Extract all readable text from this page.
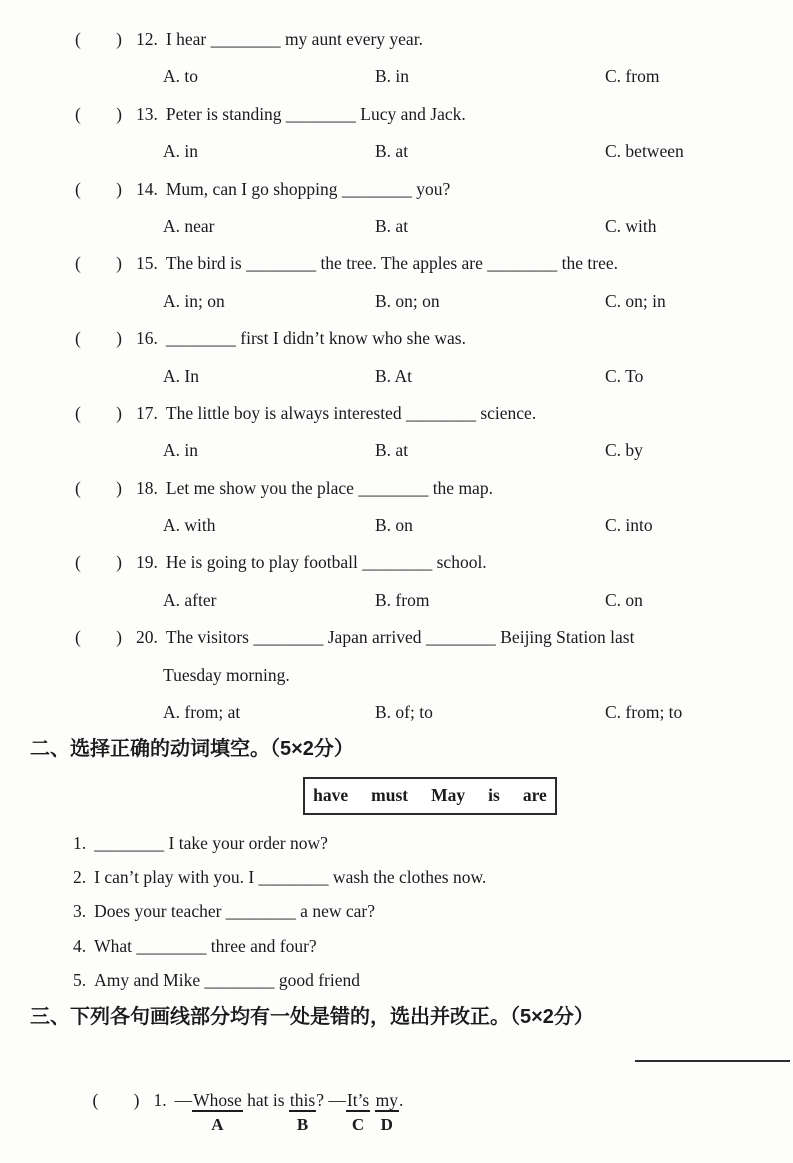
( ) 12. I hear ________ my aunt every year.
A. to	B. in	C. from
( ) 13. Peter is standing ________ Lucy and Jack.
A. in	B. at	C. between
( ) 14. Mum, can I go shopping ________ you?
A. near	B. at	C. with
( ) 15. The bird is ________ the tree. The apples are ________ the tree.
A. in; on	B. on; on	C. on; in
( ) 16. ________ first I didn’t know who she was.
A. In	B. At	C. To
( ) 17. The little boy is always interested ________ science.
A. in	B. at	C. by
( ) 18. Let me show you the place ________ the map.
A. with	B. on	C. into
( ) 19. He is going to play football ________ school.
A. after	B. from	C. on
( ) 20. The visitors ________ Japan arrived ________ Beijing Station last
Tuesday morning.
A. from; at	B. of; to	C. from; to
二、选择正确的动词填空。（5×2分）
have must May is are
1. ________ I take your order now?
2. I can’t play with you. I ________ wash the clothes now.
3. Does your teacher ________ a new car?
4. What ________ three and four?
5. Amy and Mike ________ good friend
三、下列各句画线部分均有一处是错的，选出并改正。（5×2分）

( ) 1. —Whose
A
hat is this
B
? —It’s
C
my
D
.
